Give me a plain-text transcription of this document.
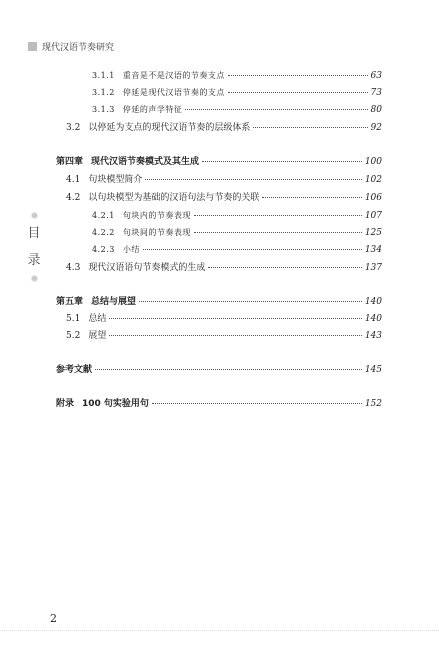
现代汉语节奏研究
目
录
3.1.1 重音是不是汉语的节奏支点	63
3.1.2 停延是现代汉语节奏的支点	73
3.1.3 停延的声学特征	80
3.2 以停延为支点的现代汉语节奏的层级体系	92
第四章 现代汉语节奏模式及其生成	100
4.1 句块模型简介	102
4.2 以句块模型为基础的汉语句法与节奏的关联	106
4.2.1 句块内的节奏表现	107
4.2.2 句块间的节奏表现	125
4.2.3 小结	134
4.3 现代汉语语句节奏模式的生成	137
第五章 总结与展望	140
5.1 总结	140
5.2 展望	143
参考文献	145
附录 100 句实验用句	152
2
